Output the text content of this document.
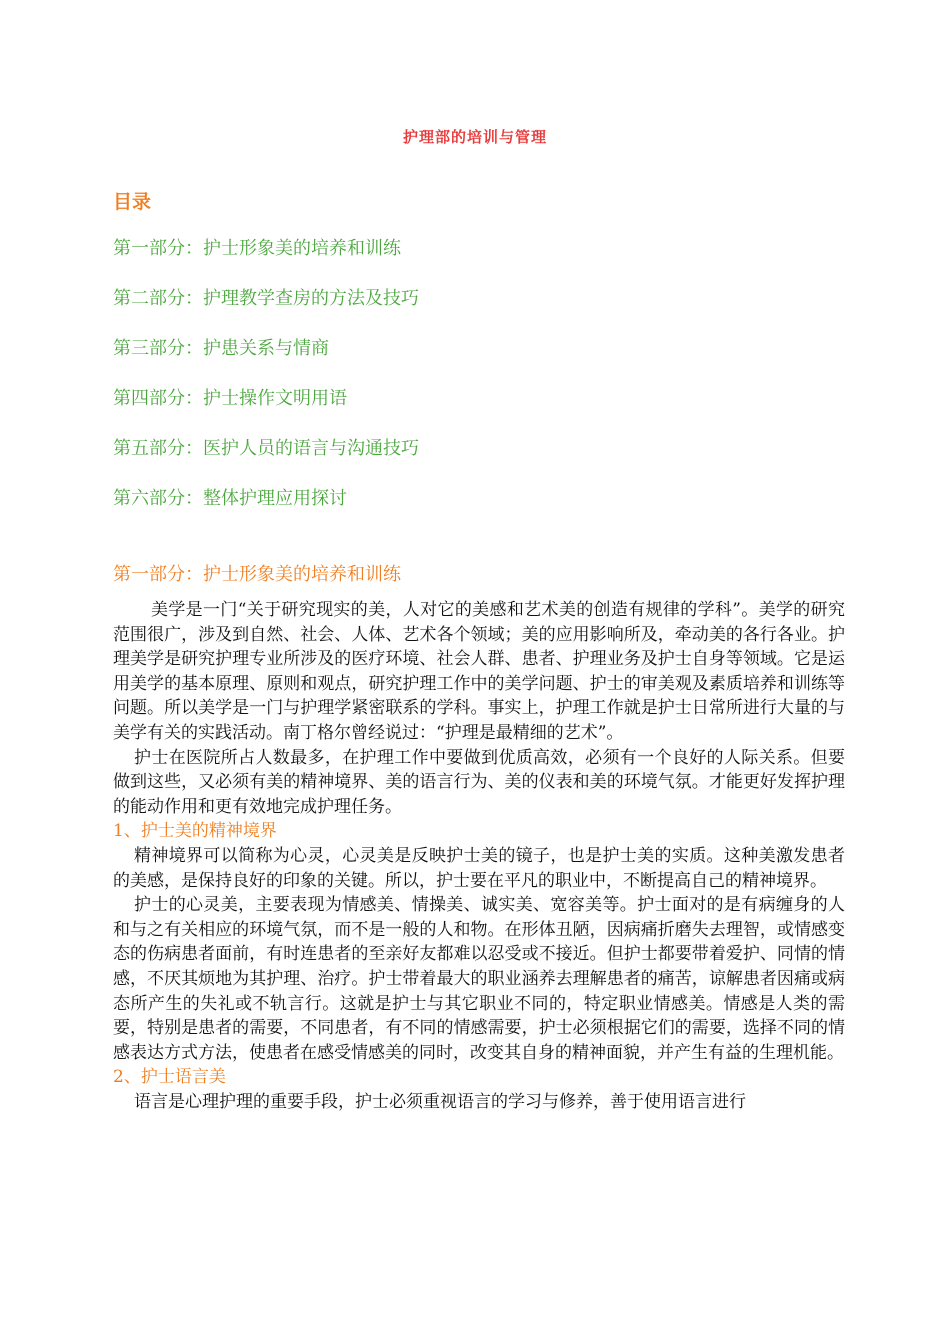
护理部的培训与管理
目录
第一部分：护士形象美的培养和训练
第二部分：护理教学查房的方法及技巧
第三部分：护患关系与情商
第四部分：护士操作文明用语
第五部分：医护人员的语言与沟通技巧
第六部分：整体护理应用探讨
第一部分：护士形象美的培养和训练

美学是一门“关于研究现实的美，人对它的美感和艺术美的创造有规律的学科”。美学的研究范围很广，涉及到自然、社会、人体、艺术各个领域；美的应用影响所及，牵动美的各行各业。护理美学是研究护理专业所涉及的医疗环境、社会人群、患者、护理业务及护士自身等领域。它是运用美学的基本原理、原则和观点，研究护理工作中的美学问题、护士的审美观及素质培养和训练等问题。所以美学是一门与护理学紧密联系的学科。事实上，护理工作就是护士日常所进行大量的与美学有关的实践活动。南丁格尔曾经说过：“护理是最精细的艺术”。

护士在医院所占人数最多，在护理工作中要做到优质高效，必须有一个良好的人际关系。但要做到这些，又必须有美的精神境界、美的语言行为、美的仪表和美的环境气氛。才能更好发挥护理的能动作用和更有效地完成护理任务。

1、护士美的精神境界

精神境界可以简称为心灵，心灵美是反映护士美的镜子，也是护士美的实质。这种美激发患者的美感，是保持良好的印象的关键。所以，护士要在平凡的职业中，不断提高自己的精神境界。

护士的心灵美，主要表现为情感美、情操美、诚实美、宽容美等。护士面对的是有病缠身的人和与之有关相应的环境气氛，而不是一般的人和物。在形体丑陋，因病痛折磨失去理智，或情感变态的伤病患者面前，有时连患者的至亲好友都难以忍受或不接近。但护士都要带着爱护、同情的情感，不厌其烦地为其护理、治疗。护士带着最大的职业涵养去理解患者的痛苦，谅解患者因痛或病态所产生的失礼或不轨言行。这就是护士与其它职业不同的，特定职业情感美。情感是人类的需要，特别是患者的需要，不同患者，有不同的情感需要，护士必须根据它们的需要，选择不同的情感表达方式方法，使患者在感受情感美的同时，改变其自身的精神面貌，并产生有益的生理机能。

2、护士语言美

语言是心理护理的重要手段，护士必须重视语言的学习与修养，善于使用语言进行
